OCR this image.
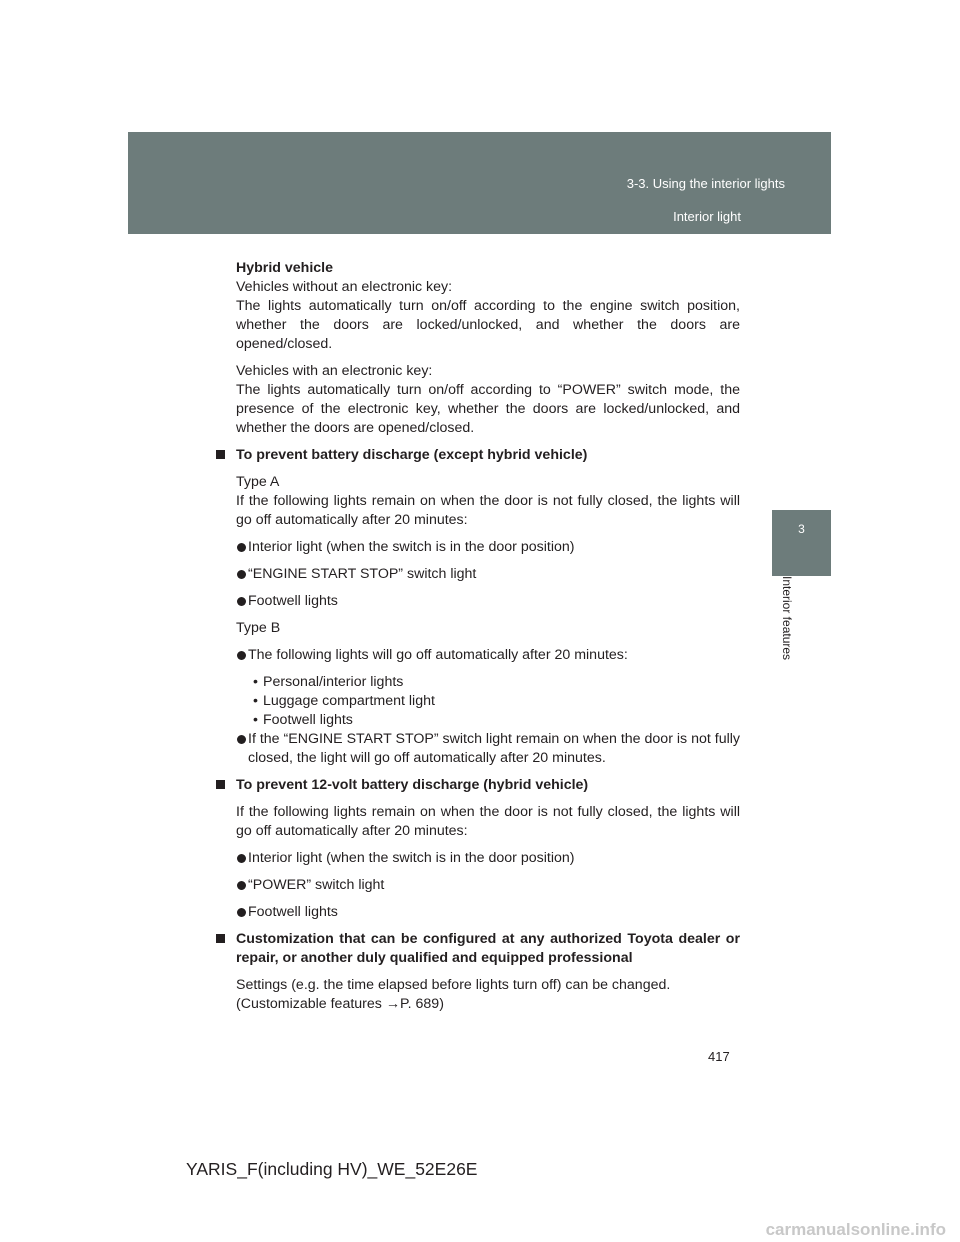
3-3. Using the interior lights
Interior light
3
Interior features

Hybrid vehicle

Vehicles without an electronic key:

The lights automatically turn on/off according to the engine switch position, whether the doors are locked/unlocked, and whether the doors are opened/closed.

Vehicles with an electronic key:

The lights automatically turn on/off according to “POWER” switch mode, the presence of the electronic key, whether the doors are locked/unlocked, and whether the doors are opened/closed.

To prevent battery discharge (except hybrid vehicle)

Type A

If the following lights remain on when the door is not fully closed, the lights will go off automatically after 20 minutes:

Interior light (when the switch is in the door position)

“ENGINE START STOP” switch light

Footwell lights

Type B

The following lights will go off automatically after 20 minutes:

• Personal/interior lights

• Luggage compartment light

• Footwell lights

If the “ENGINE START STOP” switch light remain on when the door is not fully closed, the light will go off automatically after 20 minutes.

To prevent 12-volt battery discharge (hybrid vehicle)

If the following lights remain on when the door is not fully closed, the lights will go off automatically after 20 minutes:

Interior light (when the switch is in the door position)

“POWER” switch light

Footwell lights

Customization that can be configured at any authorized Toyota dealer or repair, or another duly qualified and equipped professional

Settings (e.g. the time elapsed before lights turn off) can be changed.

(Customizable features →P. 689)

417
YARIS_F(including HV)_WE_52E26E
carmanualsonline.info
